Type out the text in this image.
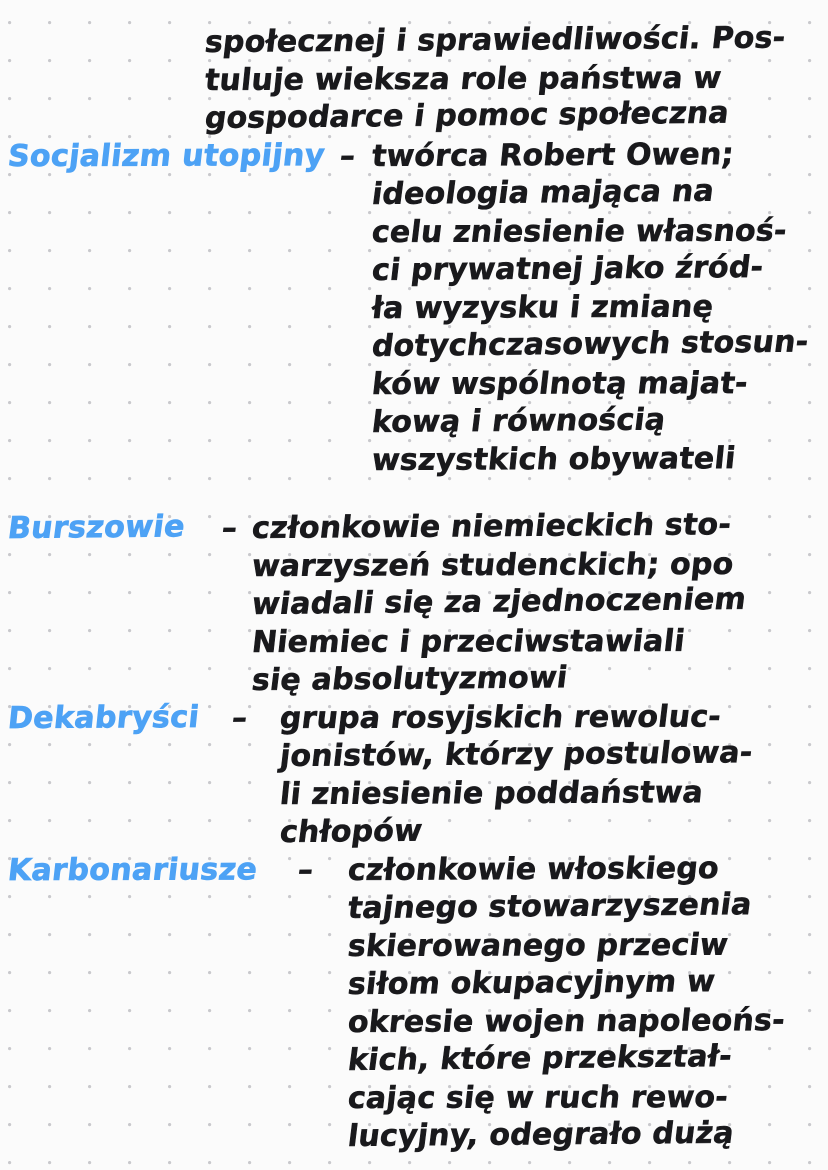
społecznej i sprawiedliwości. Pos-
tuluje wieksza role państwa w
gospodarce i pomoc społeczna
Socjalizm utopijny – twórca Robert Owen;
ideologia mająca na
celu zniesienie własnoś-
ci prywatnej jako źród-
ła wyzysku i zmianę
dotychczasowych stosun-
ków wspólnotą majat-
kową i równością
wszystkich obywateli
Burszowie – członkowie niemieckich sto-
warzyszeń studenckich; opo
wiadali się za zjednoczeniem
Niemiec i przeciwstawiali
się absolutyzmowi
Dekabryści – grupa rosyjskich rewoluc-
jonistów, którzy postulowa-
li zniesienie poddaństwa
chłopów
Karbonariusze – członkowie włoskiego
tajnego stowarzyszenia
skierowanego przeciw
siłom okupacyjnym w
okresie wojen napoleońs-
kich, które przekształ-
cając się w ruch rewo-
lucyjny, odegrało dużą
